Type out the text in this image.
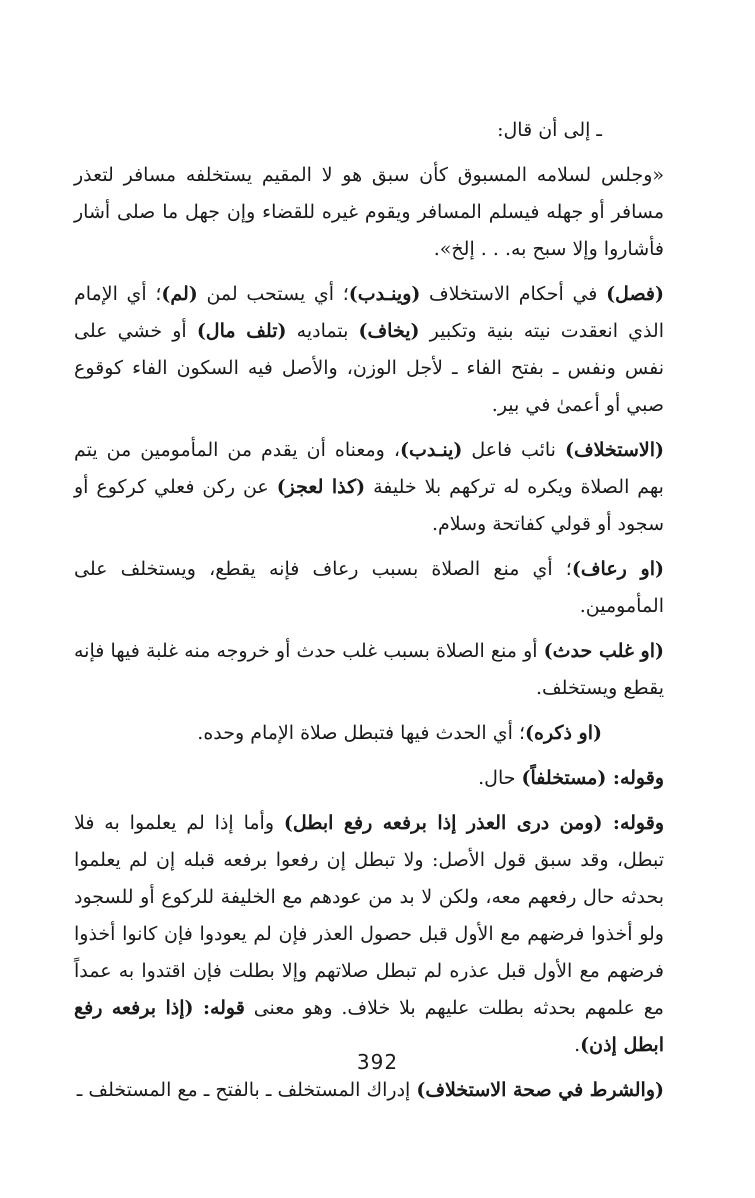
ـ إلى أن قال:

«وجلس لسلامه المسبوق كأن سبق هو لا المقيم يستخلفه مسافر لتعذر مسافر أو جهله فيسلم المسافر ويقوم غيره للقضاء وإن جهل ما صلى أشار فأشاروا وإلا سبح به. . . إلخ».

(فصل) في أحكام الاستخلاف (وينـدب)؛ أي يستحب لمن (لم)؛ أي الإمام الذي انعقدت نيته بنية وتكبير (يخاف) بتماديه (تلف مال) أو خشي على نفس ونفس ـ بفتح الفاء ـ لأجل الوزن، والأصل فيه السكون الفاء كوقوع صبي أو أعمىٰ في بير.

(الاستخلاف) نائب فاعل (ينـدب)، ومعناه أن يقدم من المأمومين من يتم بهم الصلاة ويكره له تركهم بلا خليفة (كذا لعجز) عن ركن فعلي كركوع أو سجود أو قولي كفاتحة وسلام.

(او رعاف)؛ أي منع الصلاة بسبب رعاف فإنه يقطع، ويستخلف على المأمومين.

(او غلب حدث) أو منع الصلاة بسبب غلب حدث أو خروجه منه غلبة فيها فإنه يقطع ويستخلف.

(او ذكره)؛ أي الحدث فيها فتبطل صلاة الإمام وحده.

وقوله: (مستخلفاً) حال.

وقوله: (ومن درى العذر إذا برفعه رفع ابطل) وأما إذا لم يعلموا به فلا تبطل، وقد سبق قول الأصل: ولا تبطل إن رفعوا برفعه قبله إن لم يعلموا بحدثه حال رفعهم معه، ولكن لا بد من عودهم مع الخليفة للركوع أو للسجود ولو أخذوا فرضهم مع الأول قبل حصول العذر فإن لم يعودوا فإن كانوا أخذوا فرضهم مع الأول قبل عذره لم تبطل صلاتهم وإلا بطلت فإن اقتدوا به عمداً مع علمهم بحدثه بطلت عليهم بلا خلاف. وهو معنى قوله: (إذا برفعه رفع ابطل إذن).

(والشرط في صحة الاستخلاف) إدراك المستخلف ـ بالفتح ـ مع المستخلف ـ

392
